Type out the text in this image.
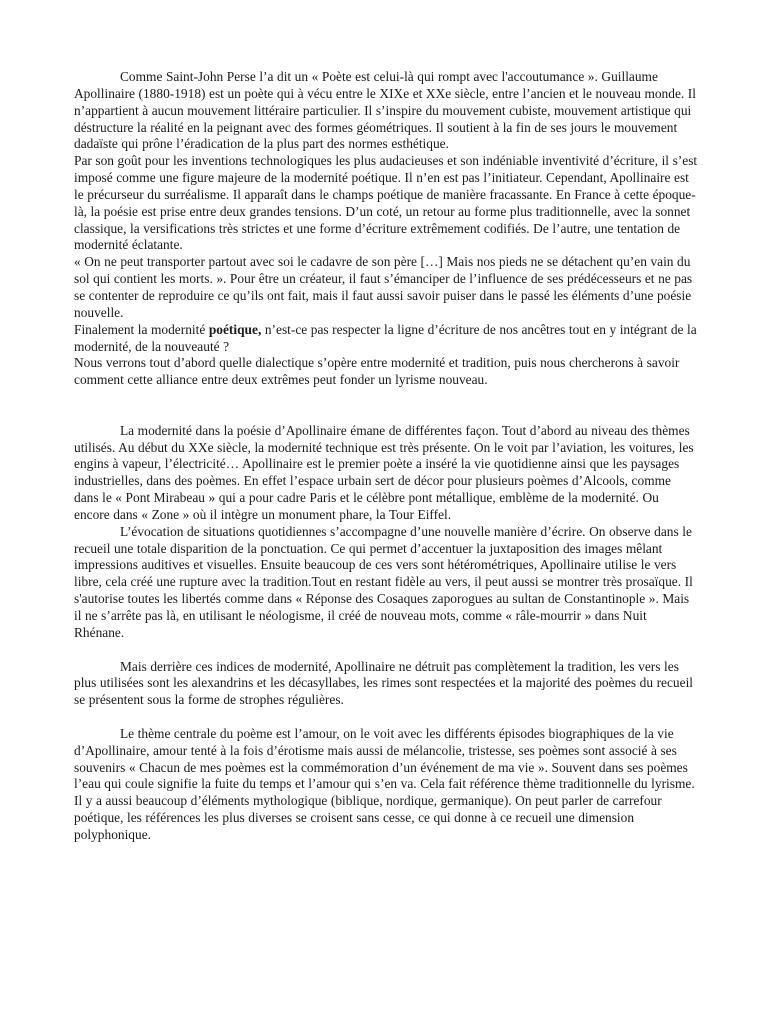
Comme Saint-John Perse l’a dit un « Poète est celui-là qui rompt avec l'accoutumance ». Guillaume Apollinaire (1880-1918) est un poète qui à vécu entre le XIXe et XXe siècle, entre l’ancien et le nouveau monde. Il n’appartient à aucun mouvement littéraire particulier. Il s’inspire du mouvement cubiste, mouvement artistique qui déstructure la réalité en la peignant avec des formes géométriques. Il soutient à la fin de ses jours le mouvement dadaïste qui prône l’éradication de la plus part des normes esthétique.

Par son goût pour les inventions technologiques les plus audacieuses et son indéniable inventivité d’écriture, il s’est imposé comme une figure majeure de la modernité poétique. Il n’en est pas l’initiateur. Cependant, Apollinaire est le précurseur du surréalisme. Il apparaît dans le champs poétique de manière fracassante. En France à cette époque-là, la poésie est prise entre deux grandes tensions. D’un coté, un retour au forme plus traditionnelle, avec la sonnet classique, la versifications très strictes et une forme d’écriture extrêmement codifiés. De l’autre, une tentation de modernité éclatante.

« On ne peut transporter partout avec soi le cadavre de son père […] Mais nos pieds ne se détachent qu’en vain du sol qui contient les morts. ». Pour être un créateur, il faut s’émanciper de l’influence de ses prédécesseurs et ne pas se contenter de reproduire ce qu’ils ont fait, mais il faut aussi savoir puiser dans le passé les éléments d’une poésie nouvelle.

Finalement la modernité poétique, n’est-ce pas respecter la ligne d’écriture de nos ancêtres tout en y intégrant de la modernité, de la nouveauté ?

Nous verrons tout d’abord quelle dialectique s’opère entre modernité et tradition, puis nous chercherons à savoir comment cette alliance entre deux extrêmes peut fonder un lyrisme nouveau.

La modernité dans la poésie d’Apollinaire émane de différentes façon. Tout d’abord au niveau des thèmes utilisés. Au début du XXe siècle, la modernité technique est très présente. On le voit par l’aviation, les voitures, les engins à vapeur, l’électricité… Apollinaire est le premier poète a inséré la vie quotidienne ainsi que les paysages industrielles, dans des poèmes. En effet l’espace urbain sert de décor pour plusieurs poèmes d’Alcools, comme dans le « Pont Mirabeau » qui a pour cadre Paris et le célèbre pont métallique, emblème de la modernité. Ou encore dans « Zone » où il intègre un monument phare, la Tour Eiffel.

L’évocation de situations quotidiennes s’accompagne d’une nouvelle manière d’écrire. On observe dans le recueil une totale disparition de la ponctuation. Ce qui permet d’accentuer la juxtaposition des images mêlant impressions auditives et visuelles. Ensuite beaucoup de ces vers sont hétérométriques, Apollinaire utilise le vers libre, cela créé une rupture avec la tradition.Tout en restant fidèle au vers, il peut aussi se montrer très prosaïque. Il s'autorise toutes les libertés comme dans « Réponse des Cosaques zaporogues au sultan de Constantinople ». Mais il ne s’arrête pas là, en utilisant le néologisme, il créé de nouveau mots, comme « râle-mourrir » dans Nuit Rhénane.

Mais derrière ces indices de modernité, Apollinaire ne détruit pas complètement la tradition, les vers les plus utilisées sont les alexandrins et les décasyllabes, les rimes sont respectées et la majorité des poèmes du recueil se présentent sous la forme de strophes régulières.

Le thème centrale du poème est l’amour, on le voit avec les différents épisodes biographiques de la vie d’Apollinaire, amour tenté à la fois d’érotisme mais aussi de mélancolie, tristesse, ses poèmes sont associé à ses souvenirs « Chacun de mes poèmes est la commémoration d’un événement de ma vie ». Souvent dans ses poèmes l’eau qui coule signifie la fuite du temps et l’amour qui s’en va. Cela fait référence thème traditionnelle du lyrisme.

Il y a aussi beaucoup d’éléments mythologique (biblique, nordique, germanique). On peut parler de carrefour poétique, les références les plus diverses se croisent sans cesse, ce qui donne à ce recueil une dimension polyphonique.
